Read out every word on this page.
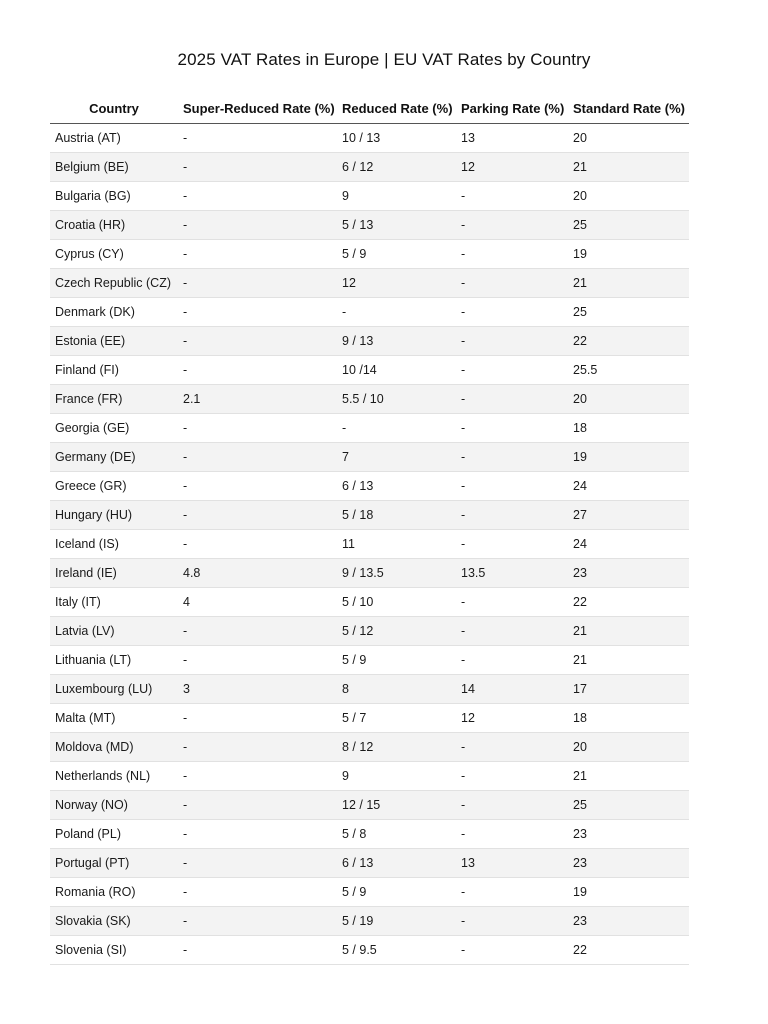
2025 VAT Rates in Europe | EU VAT Rates by Country
Country	Super-Reduced Rate (%)	Reduced Rate (%)	Parking Rate (%)	Standard Rate (%)
Austria (AT)	-	10 / 13	13	20
Belgium (BE)	-	6 / 12	12	21
Bulgaria (BG)	-	9	-	20
Croatia (HR)	-	5 / 13	-	25
Cyprus (CY)	-	5 / 9	-	19
Czech Republic (CZ)	-	12	-	21
Denmark (DK)	-	-	-	25
Estonia (EE)	-	9 / 13	-	22
Finland (FI)	-	10 /14	-	25.5
France (FR)	2.1	5.5 / 10	-	20
Georgia (GE)	-	-	-	18
Germany (DE)	-	7	-	19
Greece (GR)	-	6 / 13	-	24
Hungary (HU)	-	5 / 18	-	27
Iceland (IS)	-	11	-	24
Ireland (IE)	4.8	9 / 13.5	13.5	23
Italy (IT)	4	5 / 10	-	22
Latvia (LV)	-	5 / 12	-	21
Lithuania (LT)	-	5 / 9	-	21
Luxembourg (LU)	3	8	14	17
Malta (MT)	-	5 / 7	12	18
Moldova (MD)	-	8 / 12	-	20
Netherlands (NL)	-	9	-	21
Norway (NO)	-	12 / 15	-	25
Poland (PL)	-	5 / 8	-	23
Portugal (PT)	-	6 / 13	13	23
Romania (RO)	-	5 / 9	-	19
Slovakia (SK)	-	5 / 19	-	23
Slovenia (SI)	-	5 / 9.5	-	22
